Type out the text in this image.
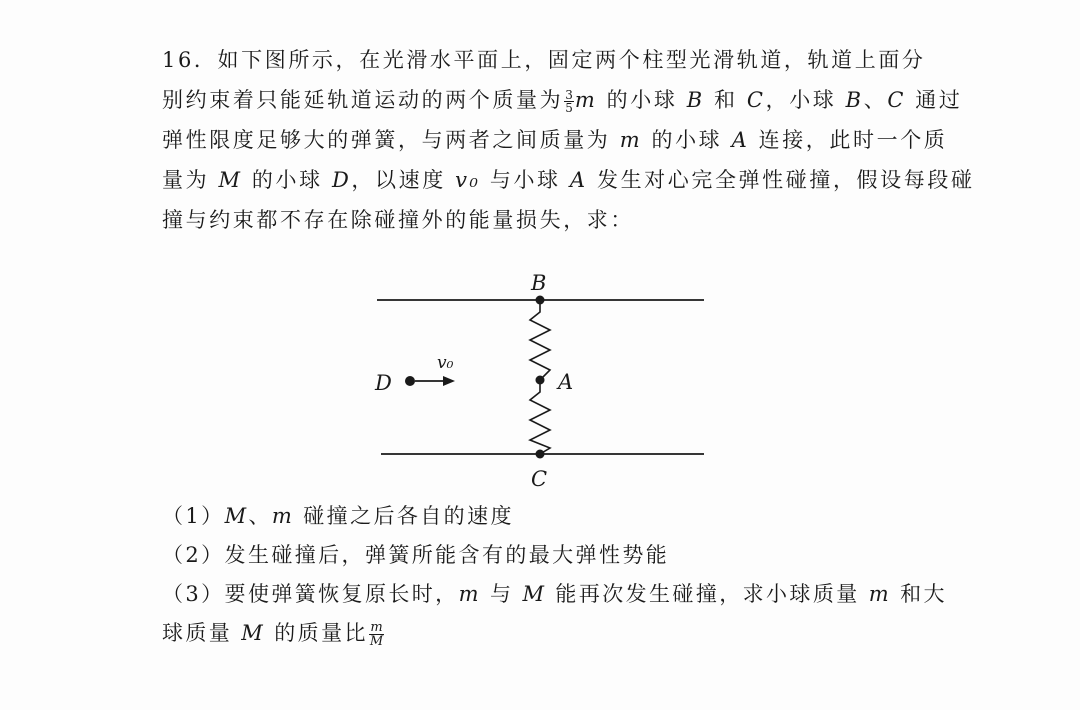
16．如下图所示，在光滑水平面上，固定两个柱型光滑轨道，轨道上面分
别约束着只能延轨道运动的两个质量为 $\frac{3}{5}$ m 的小球 B 和 C，小球 B、C 通过
弹性限度足够大的弹簧，与两者之间质量为 m 的小球 A 连接，此时一个质
量为 M 的小球 D，以速度 v₀ 与小球 A 发生对心完全弹性碰撞，假设每段碰
撞与约束都不存在除碰撞外的能量损失，求：
B
A
C
D
v₀
（1）M、m 碰撞之后各自的速度
（2）发生碰撞后，弹簧所能含有的最大弹性势能
（3）要使弹簧恢复原长时，m 与 M 能再次发生碰撞，求小球质量 m 和大
球质量 M 的质量比 $\frac{m}{M}$
